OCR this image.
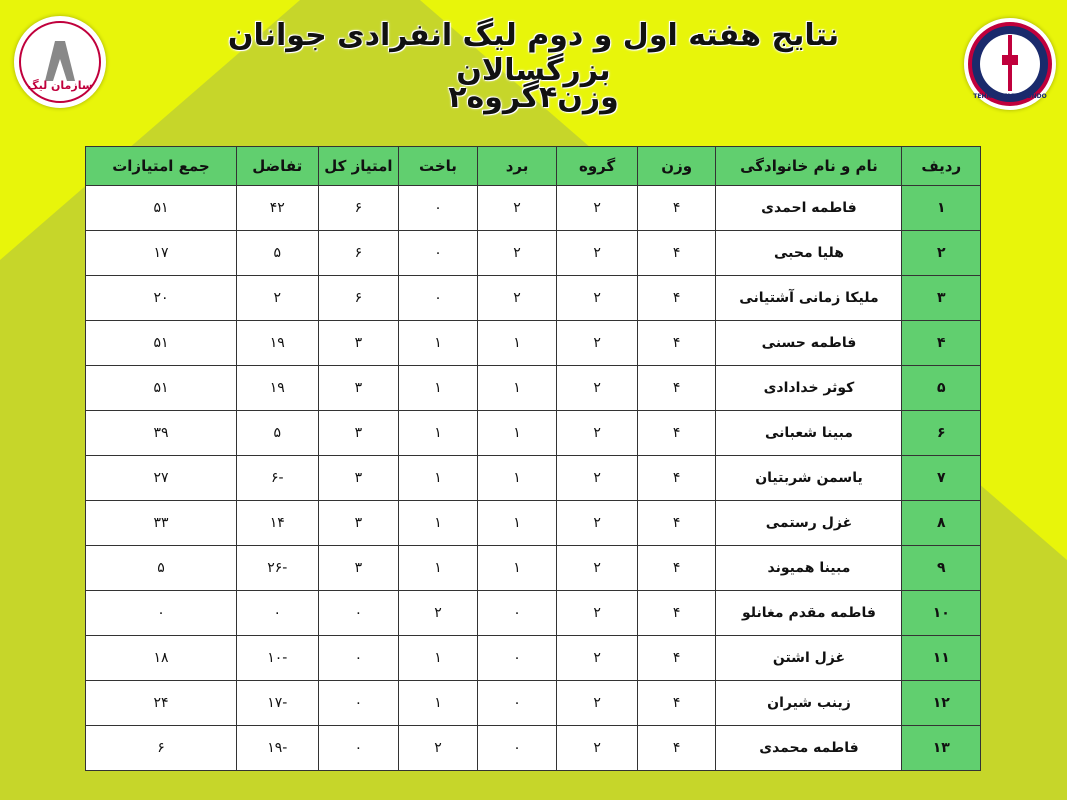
سازمان لیگ
TEHRAN TAEKWONDO
نتایج هفته اول و دوم لیگ انفرادی جوانان بزرگسالان
وزن۴گروه۲
ردیف	نام و نام خانوادگی	وزن	گروه	برد	باخت	امتیاز کل	تفاضل	جمع امتیازات
۱	فاطمه احمدی	۴	۲	۲	۰	۶	۴۲	۵۱
۲	هلیا محبی	۴	۲	۲	۰	۶	۵	۱۷
۳	ملیکا زمانی آشتیانی	۴	۲	۲	۰	۶	۲	۲۰
۴	فاطمه حسنی	۴	۲	۱	۱	۳	۱۹	۵۱
۵	کوثر خدادادی	۴	۲	۱	۱	۳	۱۹	۵۱
۶	مبینا شعبانی	۴	۲	۱	۱	۳	۵	۳۹
۷	یاسمن شربتیان	۴	۲	۱	۱	۳	-۶	۲۷
۸	غزل رستمی	۴	۲	۱	۱	۳	۱۴	۳۳
۹	مبینا همیوند	۴	۲	۱	۱	۳	-۲۶	۵
۱۰	فاطمه مقدم مغانلو	۴	۲	۰	۲	۰	۰	۰
۱۱	غزل اشتن	۴	۲	۰	۱	۰	-۱۰	۱۸
۱۲	زینب شیران	۴	۲	۰	۱	۰	-۱۷	۲۴
۱۳	فاطمه محمدی	۴	۲	۰	۲	۰	-۱۹	۶
